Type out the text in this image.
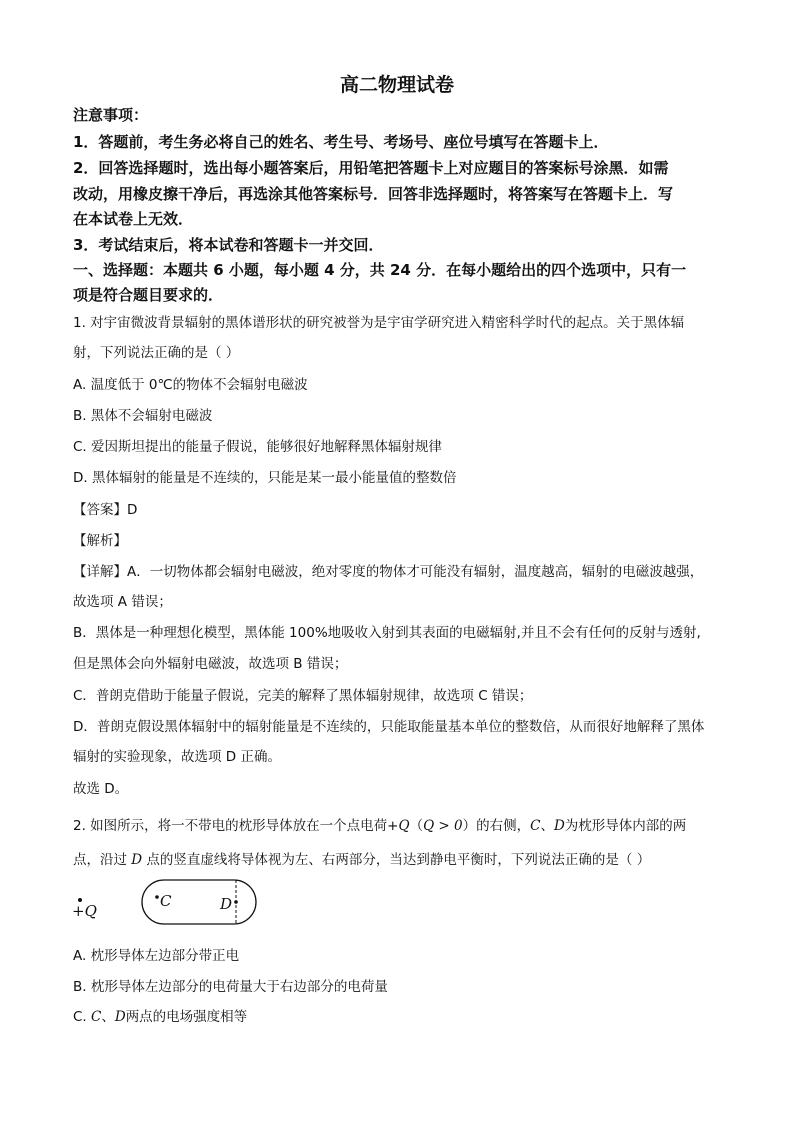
高二物理试卷
注意事项：
1．答题前，考生务必将自己的姓名、考生号、考场号、座位号填写在答题卡上．
2．回答选择题时，选出每小题答案后，用铅笔把答题卡上对应题目的答案标号涂黑．如需
改动，用橡皮擦干净后，再选涂其他答案标号．回答非选择题时，将答案写在答题卡上．写
在本试卷上无效．
3．考试结束后，将本试卷和答题卡一并交回．
一、选择题：本题共 6 小题，每小题 4 分，共 24 分．在每小题给出的四个选项中，只有一
项是符合题目要求的．
1. 对宇宙微波背景辐射的黑体谱形状的研究被誉为是宇宙学研究进入精密科学时代的起点。关于黑体辐
射，下列说法正确的是（ ）
A. 温度低于 0℃的物体不会辐射电磁波
B. 黑体不会辐射电磁波
C. 爱因斯坦提出的能量子假说，能够很好地解释黑体辐射规律
D. 黑体辐射的能量是不连续的，只能是某一最小能量值的整数倍
【答案】D
【解析】
【详解】A．一切物体都会辐射电磁波，绝对零度的物体才可能没有辐射，温度越高，辐射的电磁波越强，
故选项 A 错误；
B．黑体是一种理想化模型，黑体能 100%地吸收入射到其表面的电磁辐射,并且不会有任何的反射与透射,
但是黑体会向外辐射电磁波，故选项 B 错误；
C．普朗克借助于能量子假说，完美的解释了黑体辐射规律，故选项 C 错误；
D．普朗克假设黑体辐射中的辐射能量是不连续的，只能取能量基本单位的整数倍，从而很好地解释了黑体
辐射的实验现象，故选项 D 正确。
故选 D。
2. 如图所示，将一不带电的枕形导体放在一个点电荷+Q（Q > 0）的右侧，C、D为枕形导体内部的两
点，沿过 D 点的竖直虚线将导体视为左、右两部分，当达到静电平衡时，下列说法正确的是（ ）
+Q
C	D
A. 枕形导体左边部分带正电
B. 枕形导体左边部分的电荷量大于右边部分的电荷量
C. C、D两点的电场强度相等
